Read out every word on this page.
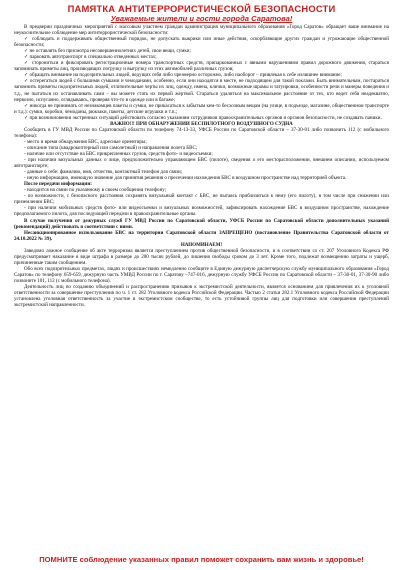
ПАМЯТКА АНТИТЕРРОРИСТИЧЕСКОЙ БЕЗОПАСНОСТИ
Уважаемые жители и гости города Саратова!

В предверии праздничных мероприятий с массовым участием граждан администрация муниципального образования «Город Саратов» обращает ваше внимание на неукоснительное соблюдение мер антитеррористической безопасности:

✓ соблюдать и поддерживать общественный порядок, не допускать выкрики или иные действия, оскорбляющие других граждан и угрожающие общественной безопасности;

✓ не оставлять без присмотра несовершеннолетних детей, свои вещи, сумки;

✓ парковать автотранспорт в специально отведенных местах;

✓ сторониться и фиксировать регистрационные номера транспортных средств, припаркованных с явными нарушениями правил дорожного движения, стараться запоминать приметы лиц, производящих погрузку и выгрузку из этих автомобилей различных грузов;

✓ обращать внимание на подозрительных людей, ведущих себя либо чрезмерно осторожно, либо наоборот – привлекая к себе излишнее внимание;

✓ остерегаться людей с большими сумками и чемоданами, особенно, если они находятся в месте, не подходящем для такой поклажи. Быть внимательным, постараться запомнить приметы подозрительных людей, отличительные черты их лиц, одежду, имена, клички, возможные шрамы и татуировки, особенности речи и манеры поведения и т.д., не пытаться их останавливать сами – вы можете стать их первой жертвой. Стараться удалиться на максимальное расстояние от тех, кто ведет себя неадекватно, нервозно, испуганно, оглядываясь, проверяя что-то в одежде или в багаже;

✓ никогда не принимать от незнакомцев пакеты и сумки, не прикасаться к забытым кем-то бесхозным вещам (на улице, в подъезде, магазине, общественном транспорте и т.д.): сумки, коробки, чемоданы, рюкзаки, пакеты, детские игрушки и т.п.;

✓ при возникновении экстренных ситуаций действовать согласно указаниям сотрудников правоохранительных органов и органов безопасности, не создавать паники.

ВАЖНО!!! ПРИ ОБНАРУЖЕНИИ БЕСПИЛОТНОГО ВОЗДУШНОГО СУДНА

Сообщить в ГУ МВД России по Саратовской области по телефону 74-13-33, УФСБ России по Саратовской области – 37-30-01 либо позвонить 112 (с мобильного телефона):

- место и время обнаружения БВС, адресные ориентиры;

- описание типа (квадрокоптерный или самолетный) и направления полета БВС;

- наличие или отсутствие на БВС прикрепленных грузов, средств фото- и видеосъемки;

- при наличии визуальных данных о лице, предположительно управляющем БВС (пилоте), сведения о его месторасположении, внешнем описании, используемом автотранспорте;

- данные о себе: фамилию, имя, отчество, контактный телефон для связи;

- иную информацию, имеющую значение для принятия решения о пресечении нахождения БВС в воздушном пространстве над территорией объекта.

После передачи информации:

- находится на связи по указанному в своем сообщении телефону;

- по возможности, с безопасного расстояния сохранять визуальный контакт с БВС, не пытаясь приблизиться к нему (его пилоту), в том числе при снижении или приземлении БВС;

- при наличии мобильных средств фото- или видеосъемки и визуальных возможностей, зафиксировать нахождение БВС в воздушном пространстве, нахождение предполагаемого пилота, для последующей передачи в правоохранительные органы.

В случае получения от дежурных служб ГУ МВД России по Саратовской области, УФСБ России по Саратовской области дополнительных указаний (рекомендаций) действовать в соответствии с ними.

Несанкционированное использование БВС на территории Саратовской области ЗАПРЕЩЕНО (постановление Правительства Саратовской области от 24.10.2022 № 39).

НАПОМИНАЕМ!

Заведомо ложное сообщение об акте терроризма является преступлением против общественной безопасности, и в соответствии со ст. 207 Уголовного Кодекса РФ предусматривает наказание в виде штрафа в размере до 200 тысяч рублей, до лишения свободы сроком до 3 лет. Кроме того, подлежат возмещению затраты и ущерб, причиненные таким сообщением.

Обо всех подозрительных предметах, людях и происшествиях немедленно сообщите в Единую дежурную диспетчерскую службу муниципального образования «Город Саратов» по телефону 659-659, дежурную часть УМВД России по г. Саратову –747-016, дежурную службу УФСБ России по Саратовской области – 37-30-01, 37-30-90 либо позвоните 101, 112 (с мобильного телефона).

Деятельность лиц по созданию объединений и распространению призывов к экстремистской деятельности, является основанием для привлечения их к уголовной ответственности за совершение преступления по ч. 1 ст. 282 Уголовного кодекса Российской Федерации. Частью 2 статьи 282.1 Уголовного кодекса Российской Федерации установлена уголовная ответственность за участие в экстремистском сообществе, то есть устойчивой группы лиц для подготовки или совершения преступлений экстремистской направленности.

ПОМНИТЕ соблюдение указанных правил поможет сохранить вам жизнь и здоровье!
